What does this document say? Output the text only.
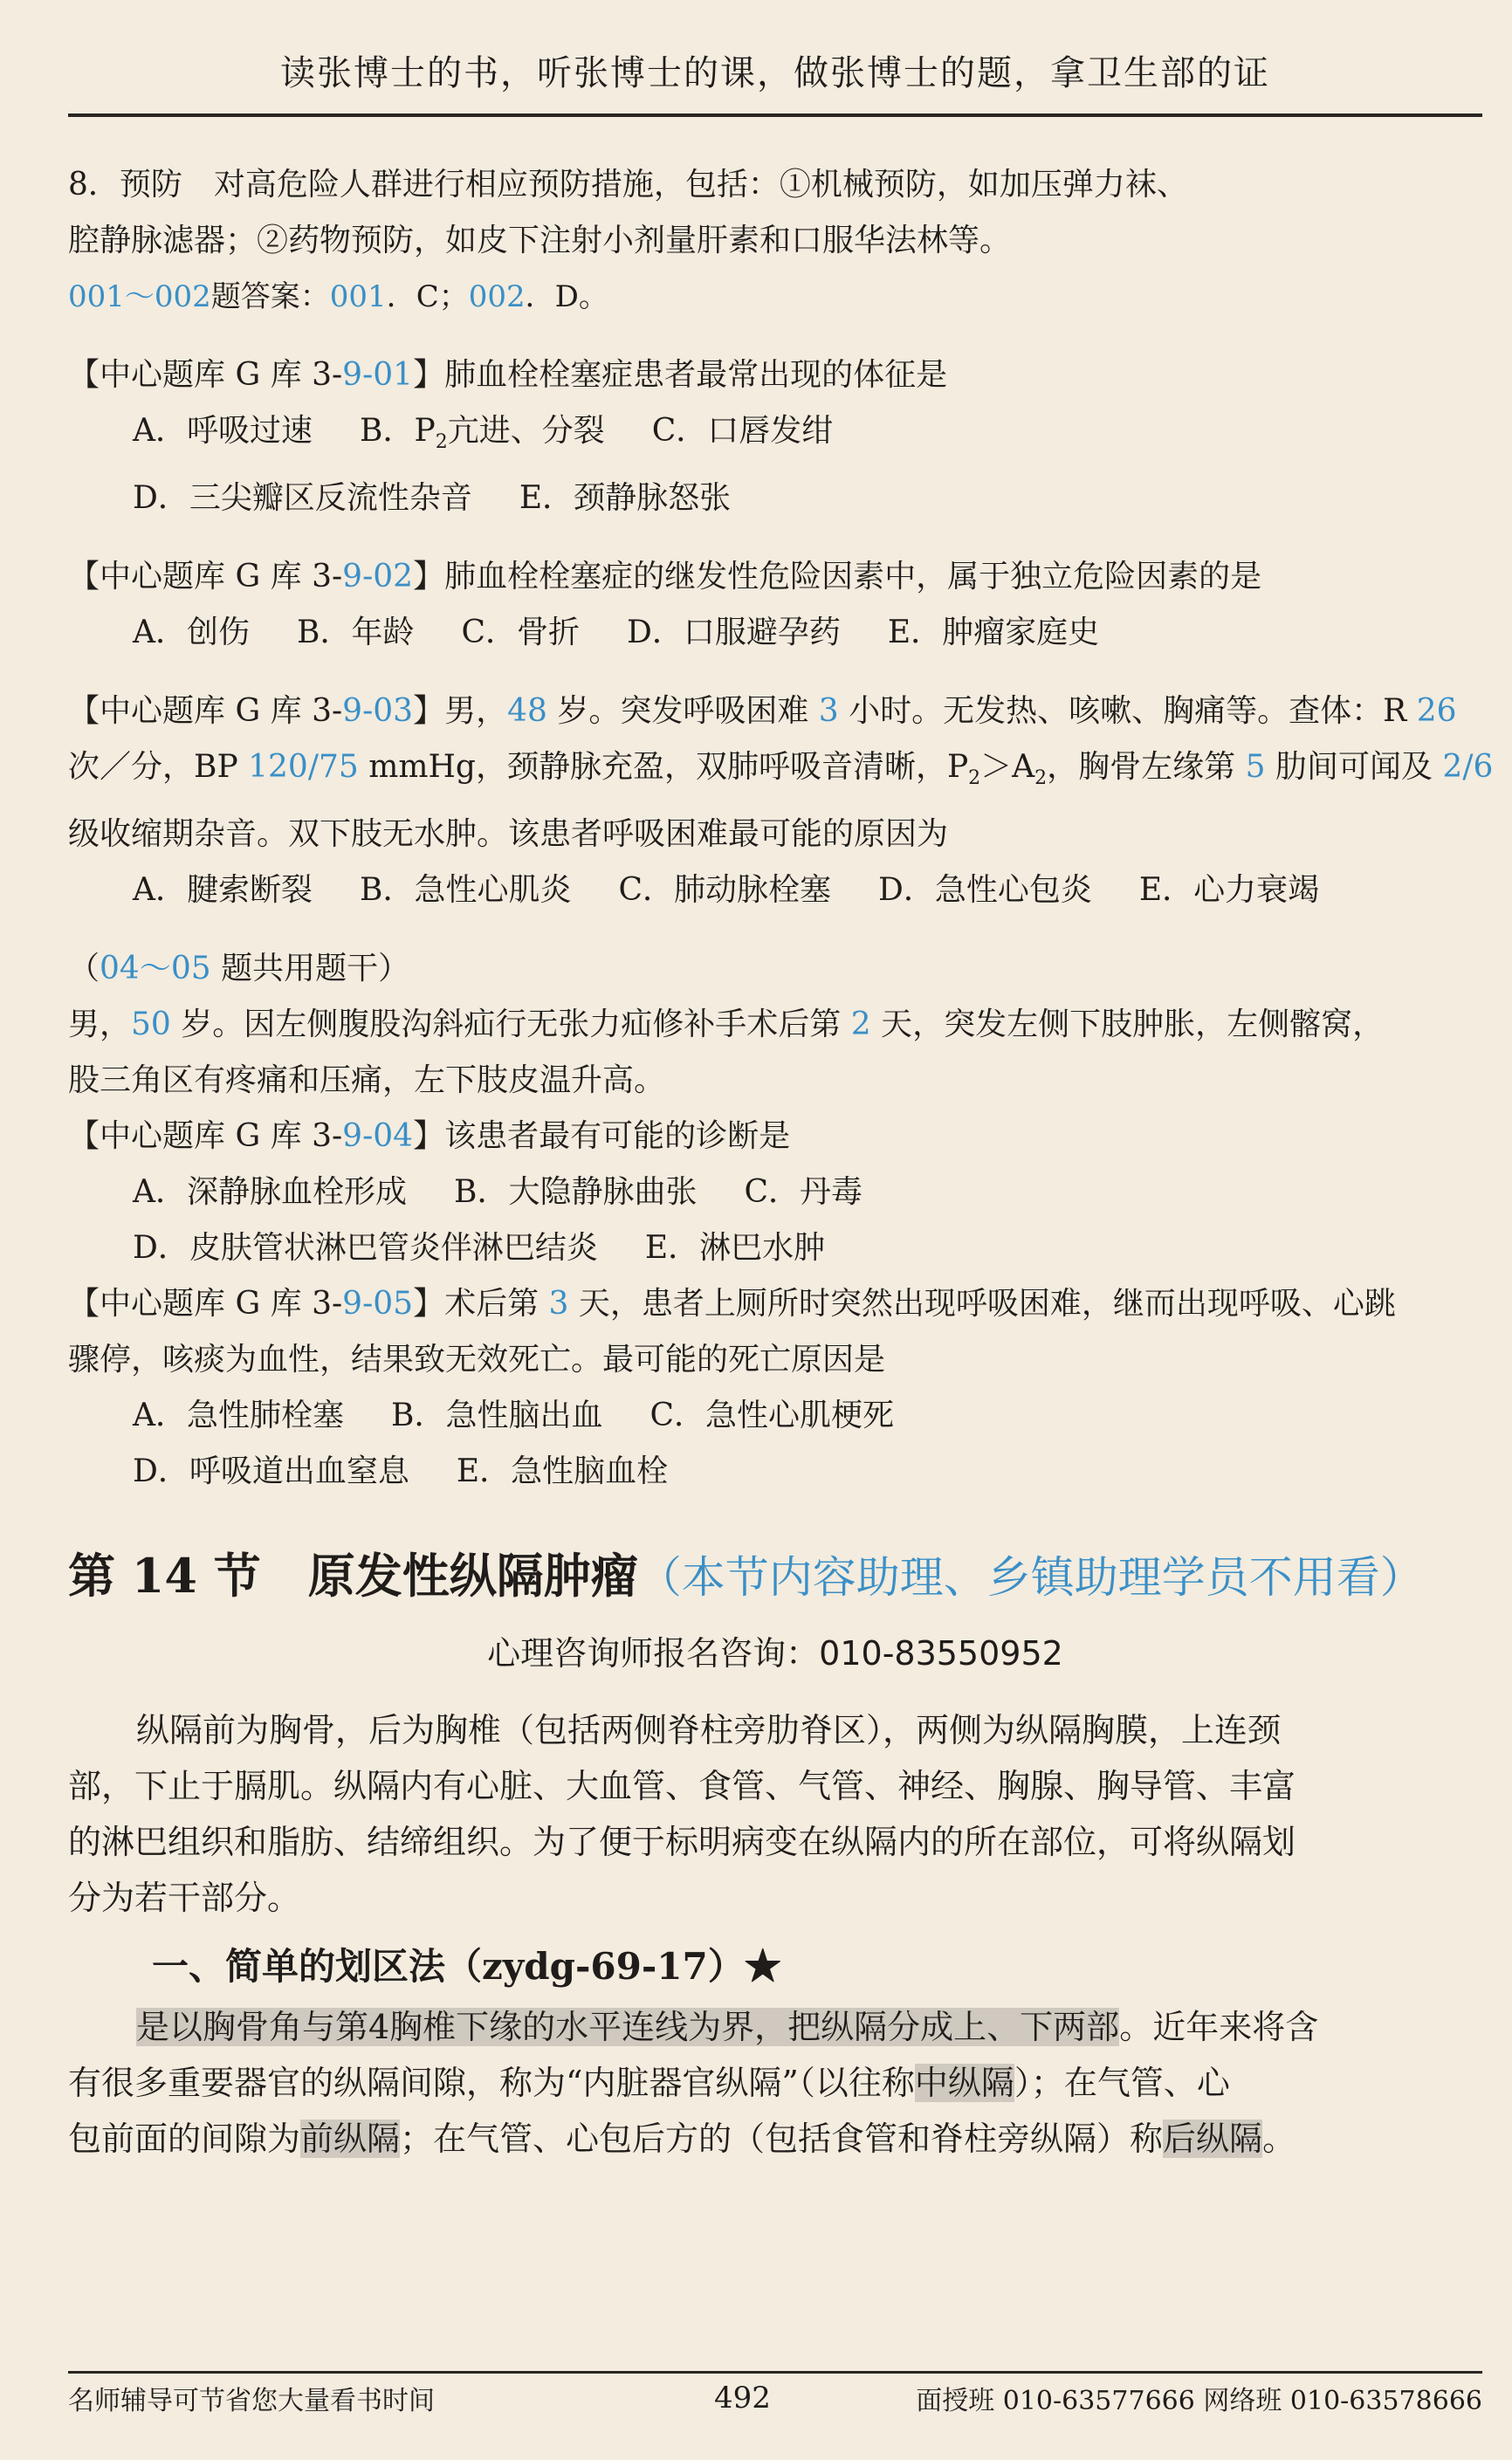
读张博士的书，听张博士的课，做张博士的题，拿卫生部的证

8．预防　对高危险人群进行相应预防措施，包括：①机械预防，如加压弹力袜、

腔静脉滤器；②药物预防，如皮下注射小剂量肝素和口服华法林等。

001～002题答案：001．C；002．D。

【中心题库 G 库 3-9-01】肺血栓栓塞症患者最常出现的体征是

A．呼吸过速 B．$P_2$亢进、分裂 C．口唇发绀

D．三尖瓣区反流性杂音 E．颈静脉怒张

【中心题库 G 库 3-9-02】肺血栓栓塞症的继发性危险因素中，属于独立危险因素的是

A．创伤 B．年龄 C．骨折 D．口服避孕药 E．肿瘤家庭史

【中心题库 G 库 3-9-03】男，48 岁。突发呼吸困难 3 小时。无发热、咳嗽、胸痛等。查体：R 26

次／分，BP 120/75 mmHg，颈静脉充盈，双肺呼吸音清晰，$P_2>A_2$，胸骨左缘第 5 肋间可闻及 2/6

级收缩期杂音。双下肢无水肿。该患者呼吸困难最可能的原因为

A．腱索断裂 B．急性心肌炎 C．肺动脉栓塞 D．急性心包炎 E．心力衰竭

（04～05 题共用题干）

男，50 岁。因左侧腹股沟斜疝行无张力疝修补手术后第 2 天，突发左侧下肢肿胀，左侧髂窝，

股三角区有疼痛和压痛，左下肢皮温升高。

【中心题库 G 库 3-9-04】该患者最有可能的诊断是

A．深静脉血栓形成 B．大隐静脉曲张 C．丹毒

D．皮肤管状淋巴管炎伴淋巴结炎 E．淋巴水肿

【中心题库 G 库 3-9-05】术后第 3 天，患者上厕所时突然出现呼吸困难，继而出现呼吸、心跳

骤停，咳痰为血性，结果致无效死亡。最可能的死亡原因是

A．急性肺栓塞 B．急性脑出血 C．急性心肌梗死

D．呼吸道出血窒息 E．急性脑血栓

第 14 节　原发性纵隔肿瘤（本节内容助理、乡镇助理学员不用看）

心理咨询师报名咨询：010-83550952

纵隔前为胸骨，后为胸椎（包括两侧脊柱旁肋脊区），两侧为纵隔胸膜，上连颈

部，下止于膈肌。纵隔内有心脏、大血管、食管、气管、神经、胸腺、胸导管、丰富

的淋巴组织和脂肪、结缔组织。为了便于标明病变在纵隔内的所在部位，可将纵隔划

分为若干部分。

一、简单的划区法（zydg-69-17）★

是以胸骨角与第4胸椎下缘的水平连线为界，把纵隔分成上、下两部。近年来将含

有很多重要器官的纵隔间隙，称为“内脏器官纵隔”（以往称中纵隔）；在气管、心

包前面的间隙为前纵隔；在气管、心包后方的（包括食管和脊柱旁纵隔）称后纵隔。

名师辅导可节省您大量看书时间	492	面授班 010-63577666 网络班 010-63578666
